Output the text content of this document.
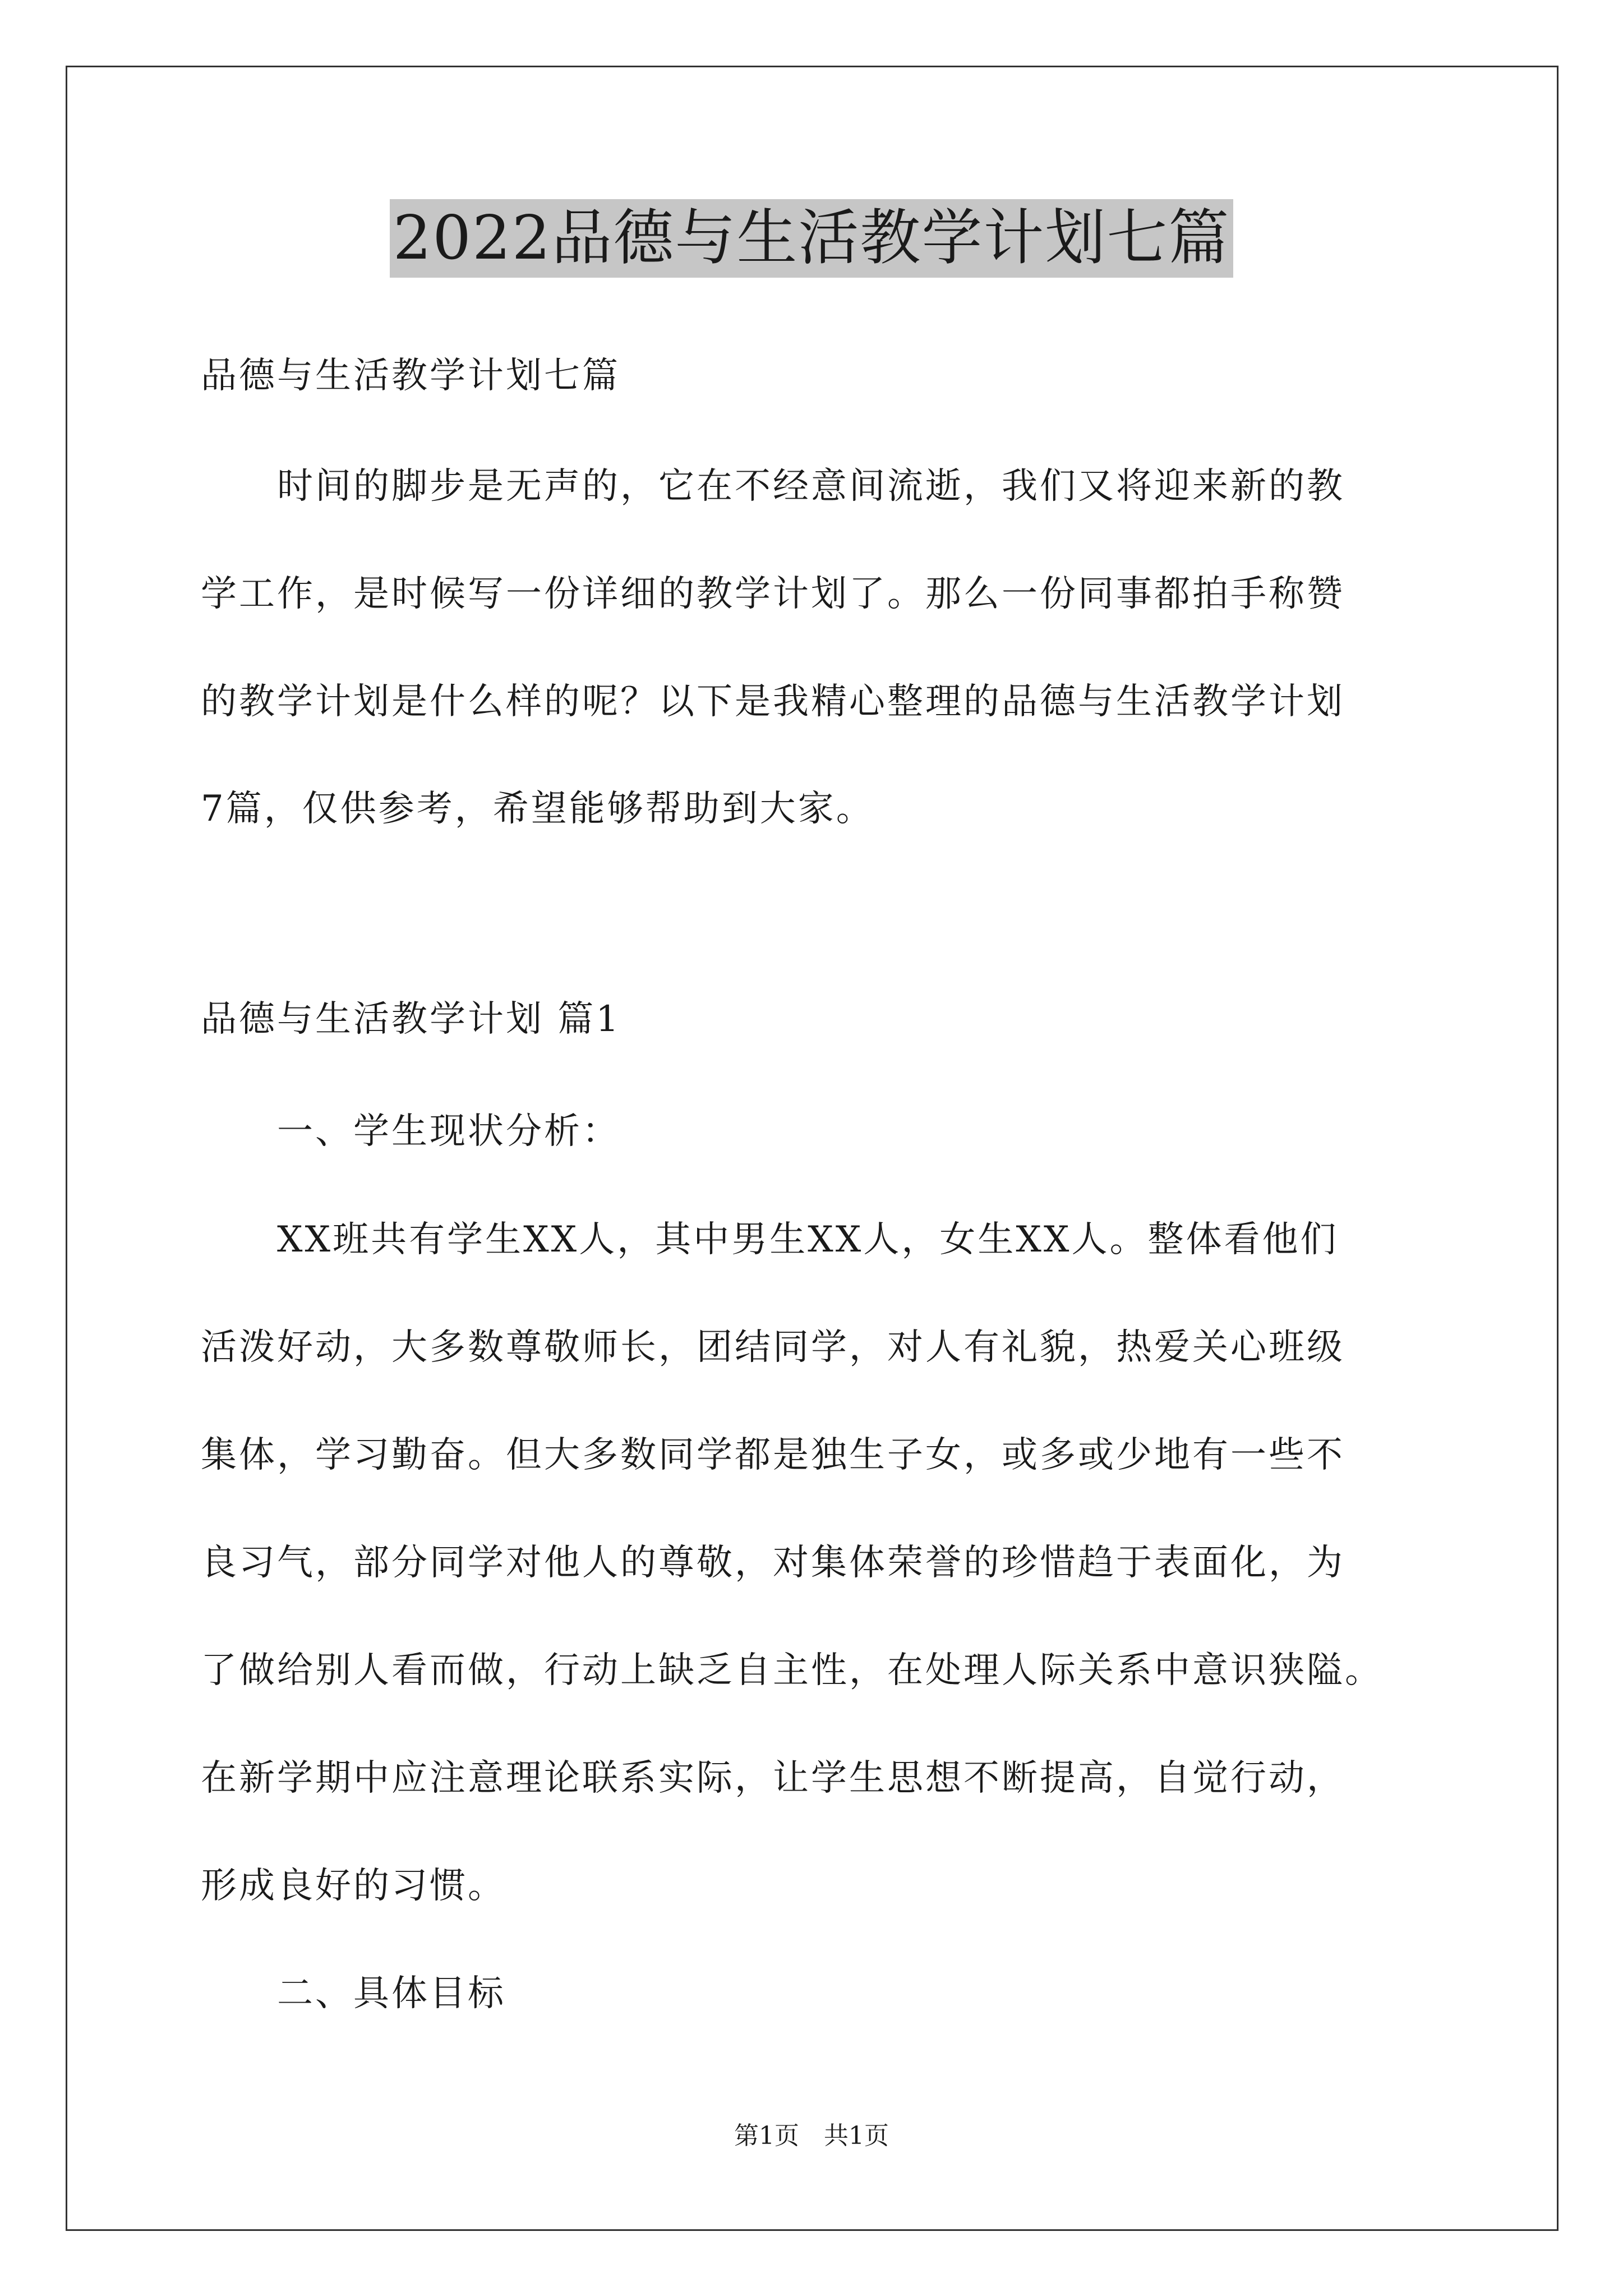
2022品德与生活教学计划七篇
品德与生活教学计划七篇
　　时间的脚步是无声的，它在不经意间流逝，我们又将迎来新的教
学工作，是时候写一份详细的教学计划了。那么一份同事都拍手称赞
的教学计划是什么样的呢？以下是我精心整理的品德与生活教学计划
7篇，仅供参考，希望能够帮助到大家。
品德与生活教学计划 篇1
　　一、学生现状分析：
　　XX班共有学生XX人，其中男生XX人，女生XX人。整体看他们
活泼好动，大多数尊敬师长，团结同学，对人有礼貌，热爱关心班级
集体，学习勤奋。但大多数同学都是独生子女，或多或少地有一些不
良习气，部分同学对他人的尊敬，对集体荣誉的珍惜趋于表面化，为
了做给别人看而做，行动上缺乏自主性，在处理人际关系中意识狭隘。
在新学期中应注意理论联系实际，让学生思想不断提高，自觉行动，
形成良好的习惯。
　　二、具体目标
第1页　共1页
